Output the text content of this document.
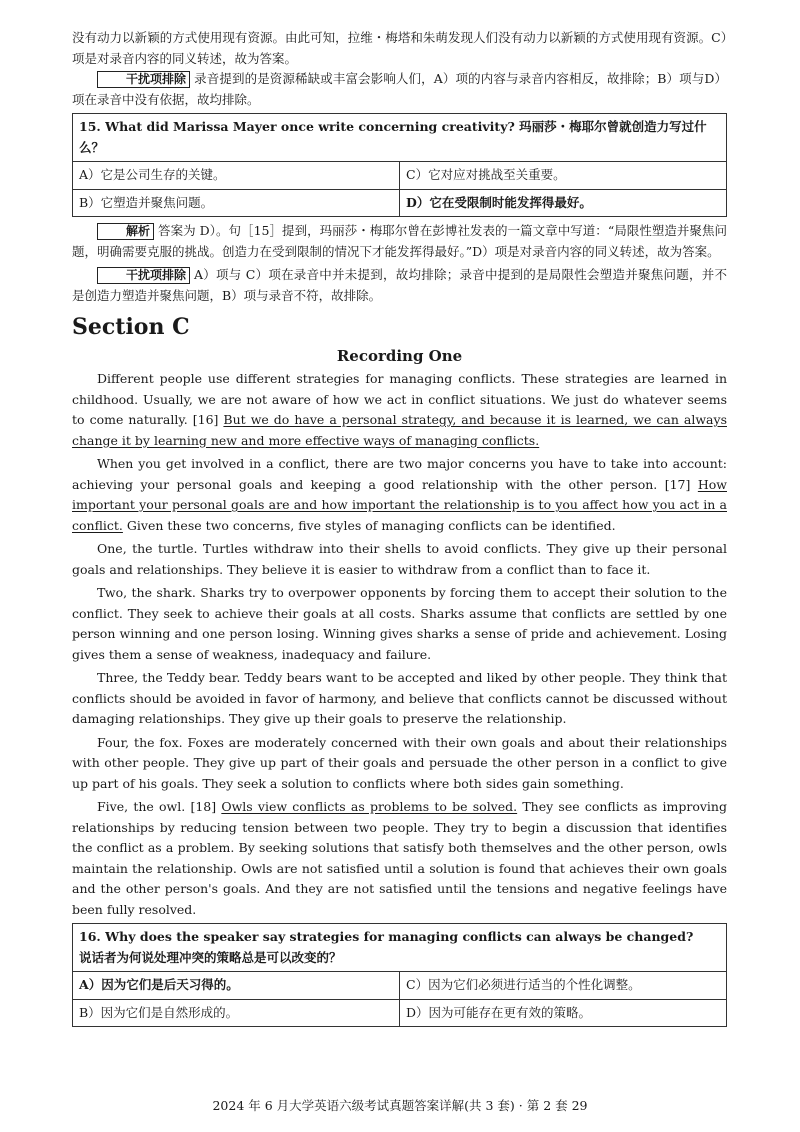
没有动力以新颖的方式使用现有资源。由此可知，拉维・梅塔和朱萌发现人们没有动力以新颖的方式使用现有资源。C）项是对录音内容的同义转述，故为答案。

干扰项排除 录音提到的是资源稀缺或丰富会影响人们，A）项的内容与录音内容相反，故排除；B）项与D）项在录音中没有依据，故均排除。

15. What did Marissa Mayer once write concerning creativity? 玛丽莎・梅耶尔曾就创造力写过什么？	
A）它是公司生存的关键。	C）它对应对挑战至关重要。
B）它塑造并聚焦问题。	D）它在受限制时能发挥得最好。

解析 答案为 D）。句［15］提到，玛丽莎・梅耶尔曾在彭博社发表的一篇文章中写道：“局限性塑造并聚焦问题，明确需要克服的挑战。创造力在受到限制的情况下才能发挥得最好。”D）项是对录音内容的同义转述，故为答案。

干扰项排除 A）项与 C）项在录音中并未提到，故均排除；录音中提到的是局限性会塑造并聚焦问题，并不是创造力塑造并聚焦问题，B）项与录音不符，故排除。

Section C
Recording One

Different people use different strategies for managing conflicts. These strategies are learned in childhood. Usually, we are not aware of how we act in conflict situations. We just do whatever seems to come naturally. [16] But we do have a personal strategy, and because it is learned, we can always change it by learning new and more effective ways of managing conflicts.

When you get involved in a conflict, there are two major concerns you have to take into account: achieving your personal goals and keeping a good relationship with the other person. [17] How important your personal goals are and how important the relationship is to you affect how you act in a conflict. Given these two concerns, five styles of managing conflicts can be identified.

One, the turtle. Turtles withdraw into their shells to avoid conflicts. They give up their personal goals and relationships. They believe it is easier to withdraw from a conflict than to face it.

Two, the shark. Sharks try to overpower opponents by forcing them to accept their solution to the conflict. They seek to achieve their goals at all costs. Sharks assume that conflicts are settled by one person winning and one person losing. Winning gives sharks a sense of pride and achievement. Losing gives them a sense of weakness, inadequacy and failure.

Three, the Teddy bear. Teddy bears want to be accepted and liked by other people. They think that conflicts should be avoided in favor of harmony, and believe that conflicts cannot be discussed without damaging relationships. They give up their goals to preserve the relationship.

Four, the fox. Foxes are moderately concerned with their own goals and about their relationships with other people. They give up part of their goals and persuade the other person in a conflict to give up part of his goals. They seek a solution to conflicts where both sides gain something.

Five, the owl. [18] Owls view conflicts as problems to be solved. They see conflicts as improving relationships by reducing tension between two people. They try to begin a discussion that identifies the conflict as a problem. By seeking solutions that satisfy both themselves and the other person, owls maintain the relationship. Owls are not satisfied until a solution is found that achieves their own goals and the other person's goals. And they are not satisfied until the tensions and negative feelings have been fully resolved.

16. Why does the speaker say strategies for managing conflicts can always be changed?
说话者为何说处理冲突的策略总是可以改变的？	

A）因为它们是后天习得的。	C）因为它们必须进行适当的个性化调整。
B）因为它们是自然形成的。	D）因为可能存在更有效的策略。
2024 年 6 月大学英语六级考试真题答案详解(共 3 套) · 第 2 套 29
